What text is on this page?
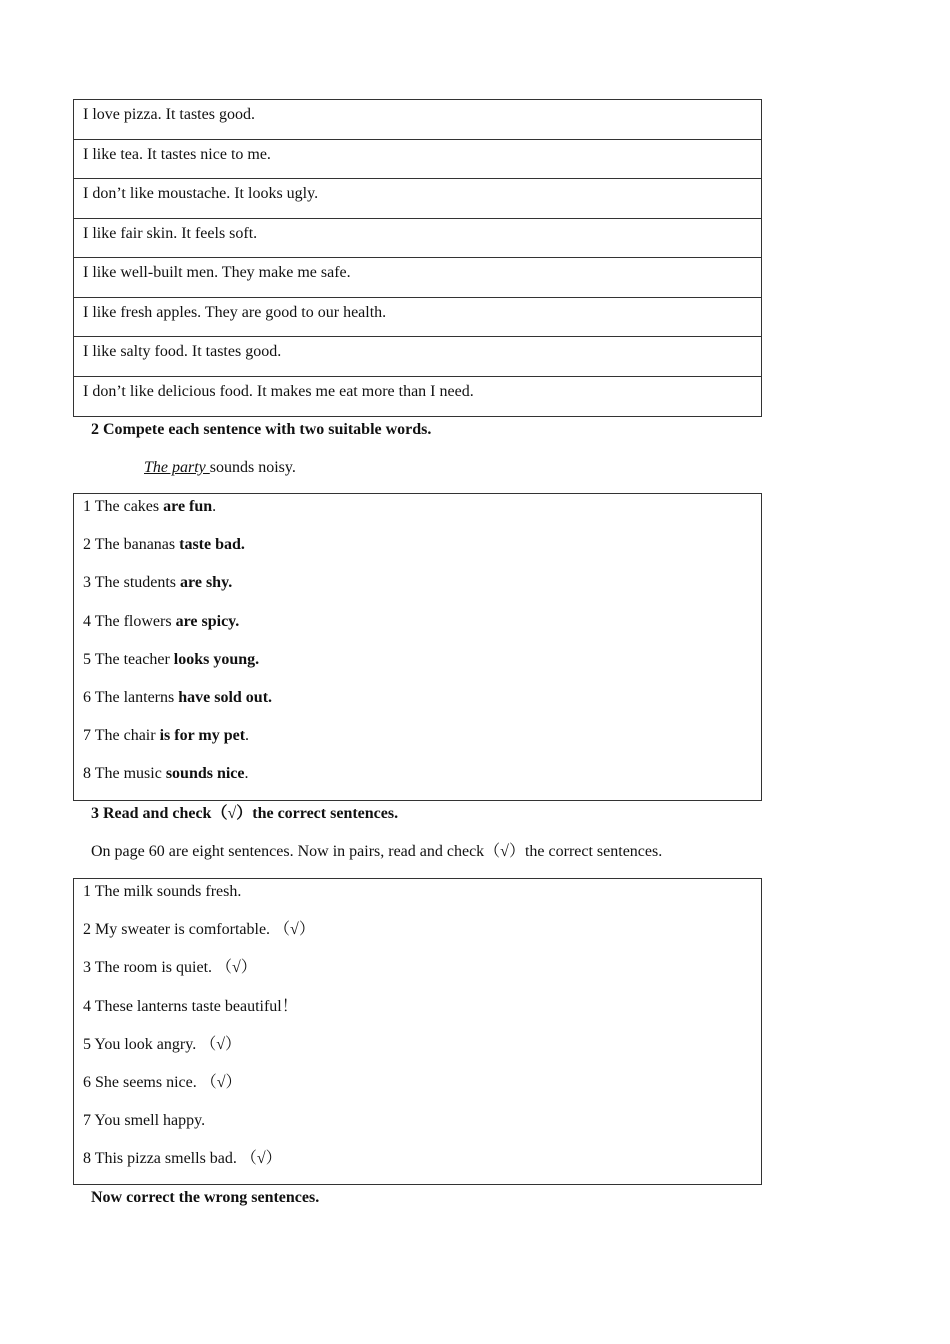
I love pizza. It tastes good.
I like tea. It tastes nice to me.
I don’t like moustache. It looks ugly.
I like fair skin. It feels soft.
I like well-built men. They make me safe.
I like fresh apples. They are good to our health.
I like salty food. It tastes good.
I don’t like delicious food. It makes me eat more than I need.
2 Compete each sentence with two suitable words.
The party sounds noisy.
1 The cakes are fun.
2 The bananas taste bad.
3 The students are shy.
4 The flowers are spicy.
5 The teacher looks young.
6 The lanterns have sold out.
7 The chair is for my pet.
8 The music sounds nice.
3 Read and check（√）the correct sentences.
On page 60 are eight sentences. Now in pairs, read and check（√）the correct sentences.
1 The milk sounds fresh.
2 My sweater is comfortable. （√）
3 The room is quiet. （√）
4 These lanterns taste beautiful！
5 You look angry. （√）
6 She seems nice. （√）
7 You smell happy.
8 This pizza smells bad. （√）
Now correct the wrong sentences.
